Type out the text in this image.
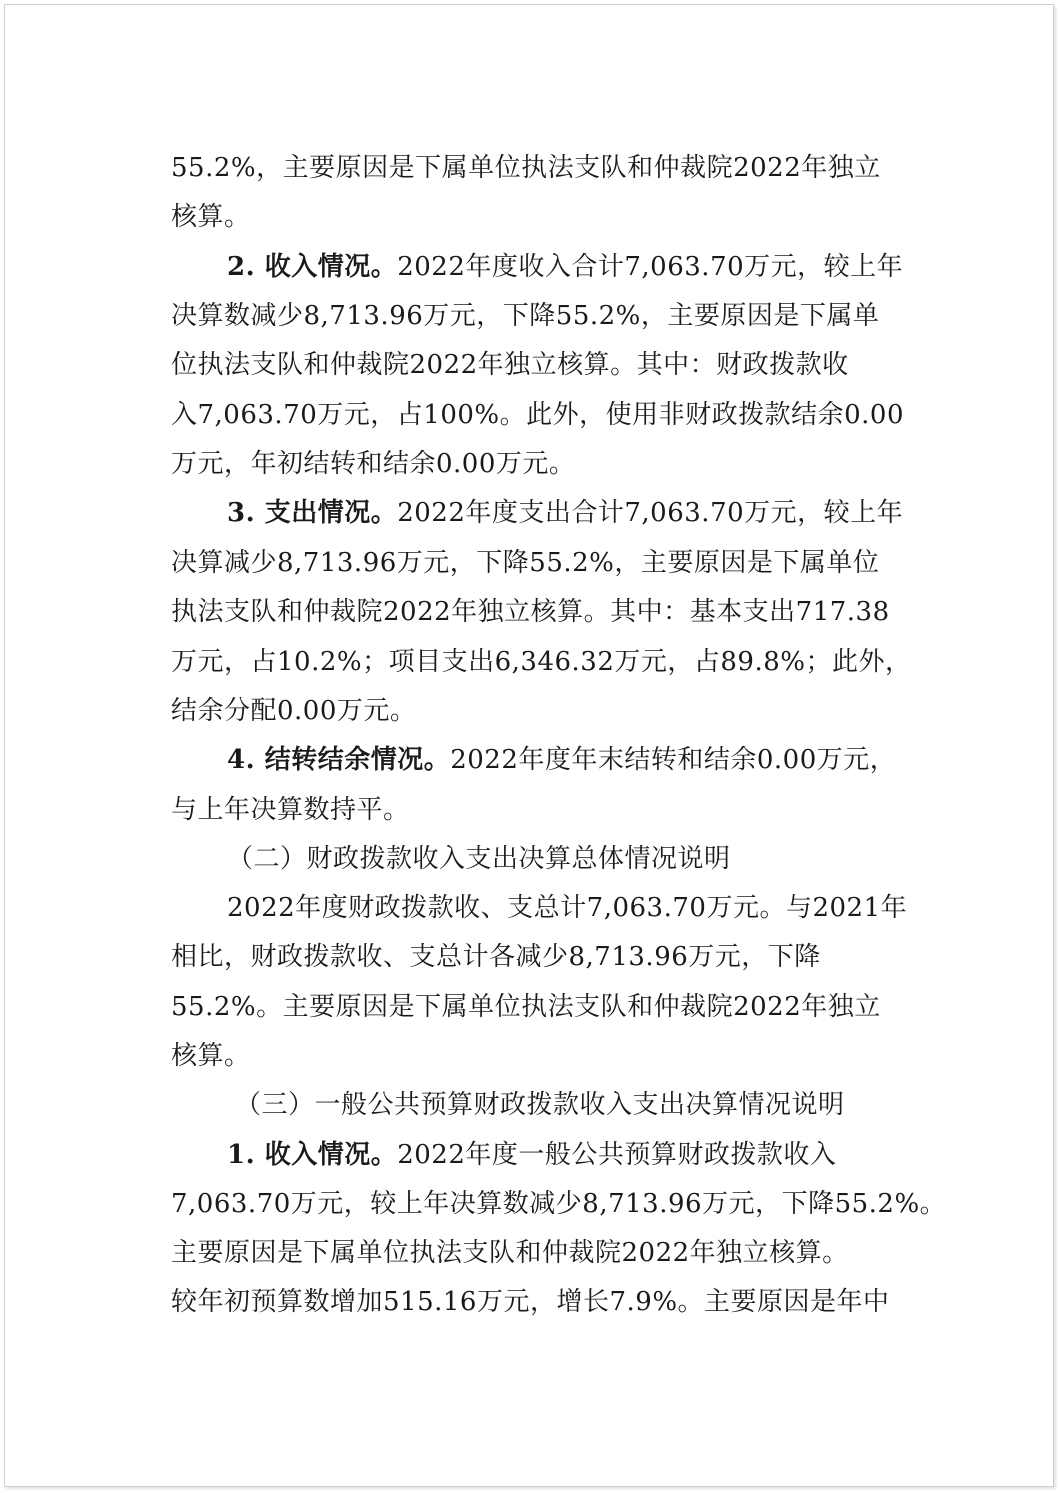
55.2%，主要原因是下属单位执法支队和仲裁院2022年独立
核算。
2. 收入情况。2022年度收入合计7,063.70万元，较上年
决算数减少8,713.96万元，下降55.2%，主要原因是下属单
位执法支队和仲裁院2022年独立核算。其中：财政拨款收
入7,063.70万元，占100%。此外，使用非财政拨款结余0.00
万元，年初结转和结余0.00万元。
3. 支出情况。2022年度支出合计7,063.70万元，较上年
决算减少8,713.96万元，下降55.2%，主要原因是下属单位
执法支队和仲裁院2022年独立核算。其中：基本支出717.38
万元，占10.2%；项目支出6,346.32万元，占89.8%；此外，
结余分配0.00万元。
4. 结转结余情况。2022年度年末结转和结余0.00万元，
与上年决算数持平。
（二）财政拨款收入支出决算总体情况说明
2022年度财政拨款收、支总计7,063.70万元。与2021年
相比，财政拨款收、支总计各减少8,713.96万元，下降
55.2%。主要原因是下属单位执法支队和仲裁院2022年独立
核算。
（三）一般公共预算财政拨款收入支出决算情况说明
1. 收入情况。2022年度一般公共预算财政拨款收入
7,063.70万元，较上年决算数减少8,713.96万元，下降55.2%。
主要原因是下属单位执法支队和仲裁院2022年独立核算。
较年初预算数增加515.16万元，增长7.9%。主要原因是年中
